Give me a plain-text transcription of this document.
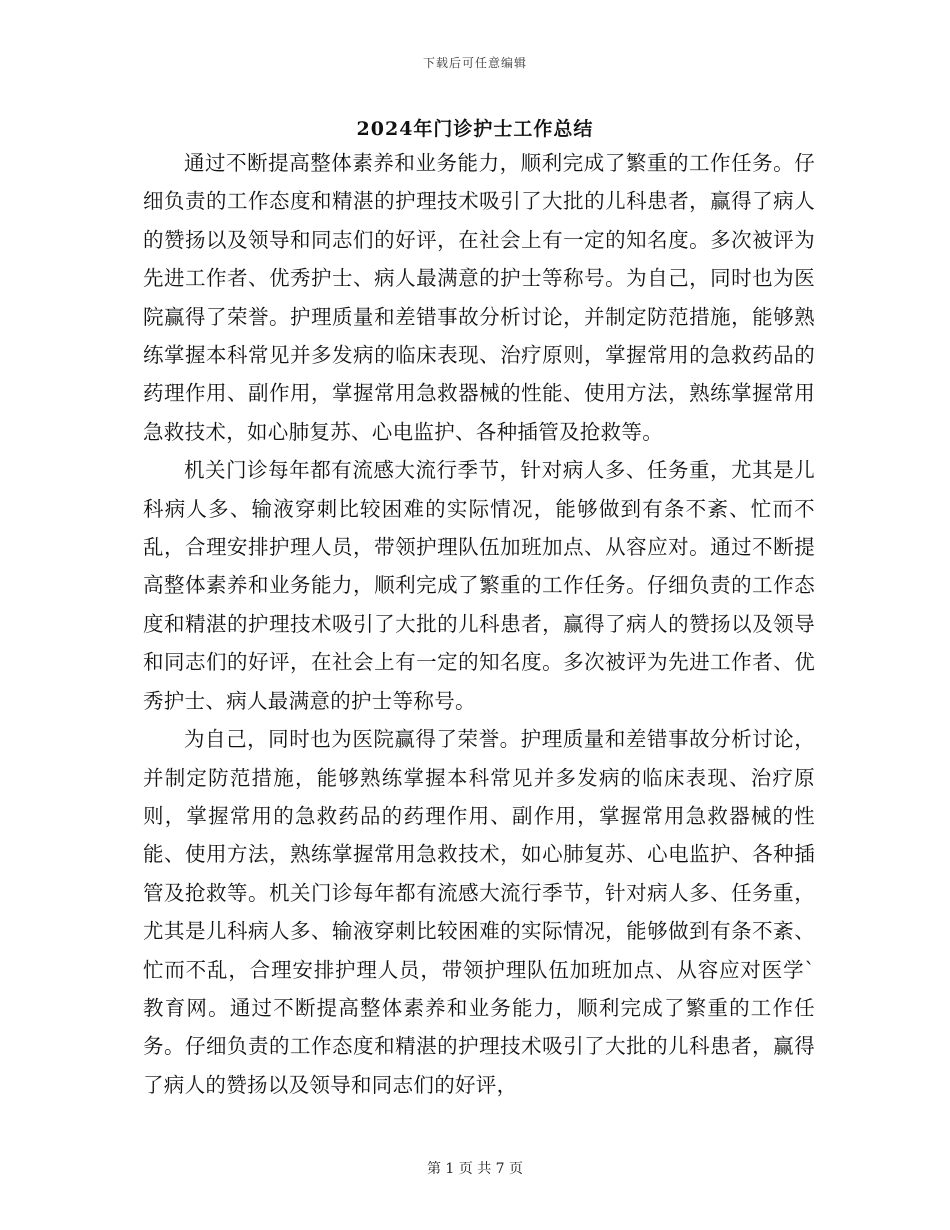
下载后可任意编辑
2024年门诊护士工作总结

通过不断提高整体素养和业务能力，顺利完成了繁重的工作任务。仔细负责的工作态度和精湛的护理技术吸引了大批的儿科患者，赢得了病人的赞扬以及领导和同志们的好评，在社会上有一定的知名度。多次被评为先进工作者、优秀护士、病人最满意的护士等称号。为自己，同时也为医院赢得了荣誉。护理质量和差错事故分析讨论，并制定防范措施，能够熟练掌握本科常见并多发病的临床表现、治疗原则，掌握常用的急救药品的药理作用、副作用，掌握常用急救器械的性能、使用方法，熟练掌握常用急救技术，如心肺复苏、心电监护、各种插管及抢救等。

机关门诊每年都有流感大流行季节，针对病人多、任务重，尤其是儿科病人多、输液穿刺比较困难的实际情况，能够做到有条不紊、忙而不乱，合理安排护理人员，带领护理队伍加班加点、从容应对。通过不断提高整体素养和业务能力，顺利完成了繁重的工作任务。仔细负责的工作态度和精湛的护理技术吸引了大批的儿科患者，赢得了病人的赞扬以及领导和同志们的好评，在社会上有一定的知名度。多次被评为先进工作者、优秀护士、病人最满意的护士等称号。

为自己，同时也为医院赢得了荣誉。护理质量和差错事故分析讨论，并制定防范措施，能够熟练掌握本科常见并多发病的临床表现、治疗原则，掌握常用的急救药品的药理作用、副作用，掌握常用急救器械的性能、使用方法，熟练掌握常用急救技术，如心肺复苏、心电监护、各种插管及抢救等。机关门诊每年都有流感大流行季节，针对病人多、任务重，尤其是儿科病人多、输液穿刺比较困难的实际情况，能够做到有条不紊、忙而不乱，合理安排护理人员，带领护理队伍加班加点、从容应对医学`教育网。通过不断提高整体素养和业务能力，顺利完成了繁重的工作任务。仔细负责的工作态度和精湛的护理技术吸引了大批的儿科患者，赢得了病人的赞扬以及领导和同志们的好评，

第 1 页 共 7 页
